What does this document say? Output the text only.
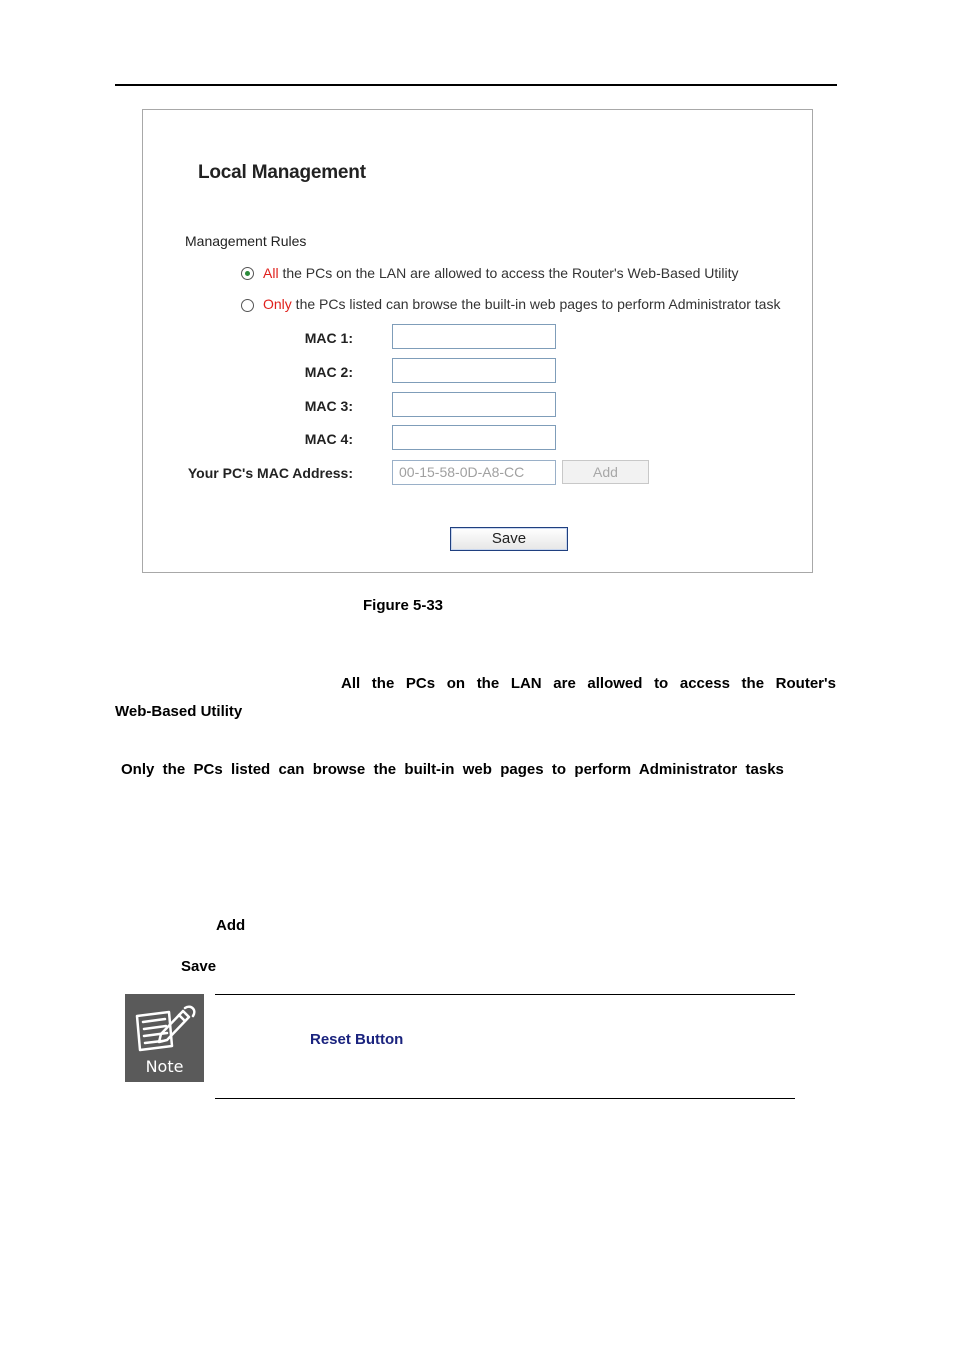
Local Management
Management Rules
All the PCs on the LAN are allowed to access the Router's Web-Based Utility
Only the PCs listed can browse the built-in web pages to perform Administrator task
MAC 1:
MAC 2:
MAC 3:
MAC 4:
Your PC's MAC Address:	00-15-58-0D-A8-CC	Add
Save
Figure 5-33
All the PCs on the LAN are allowed to access the Router's
Web-Based Utility
Only  the  PCs  listed  can  browse  the  built-in  web  pages  to  perform  Administrator  tasks
Add
Save
Note
Reset Button
